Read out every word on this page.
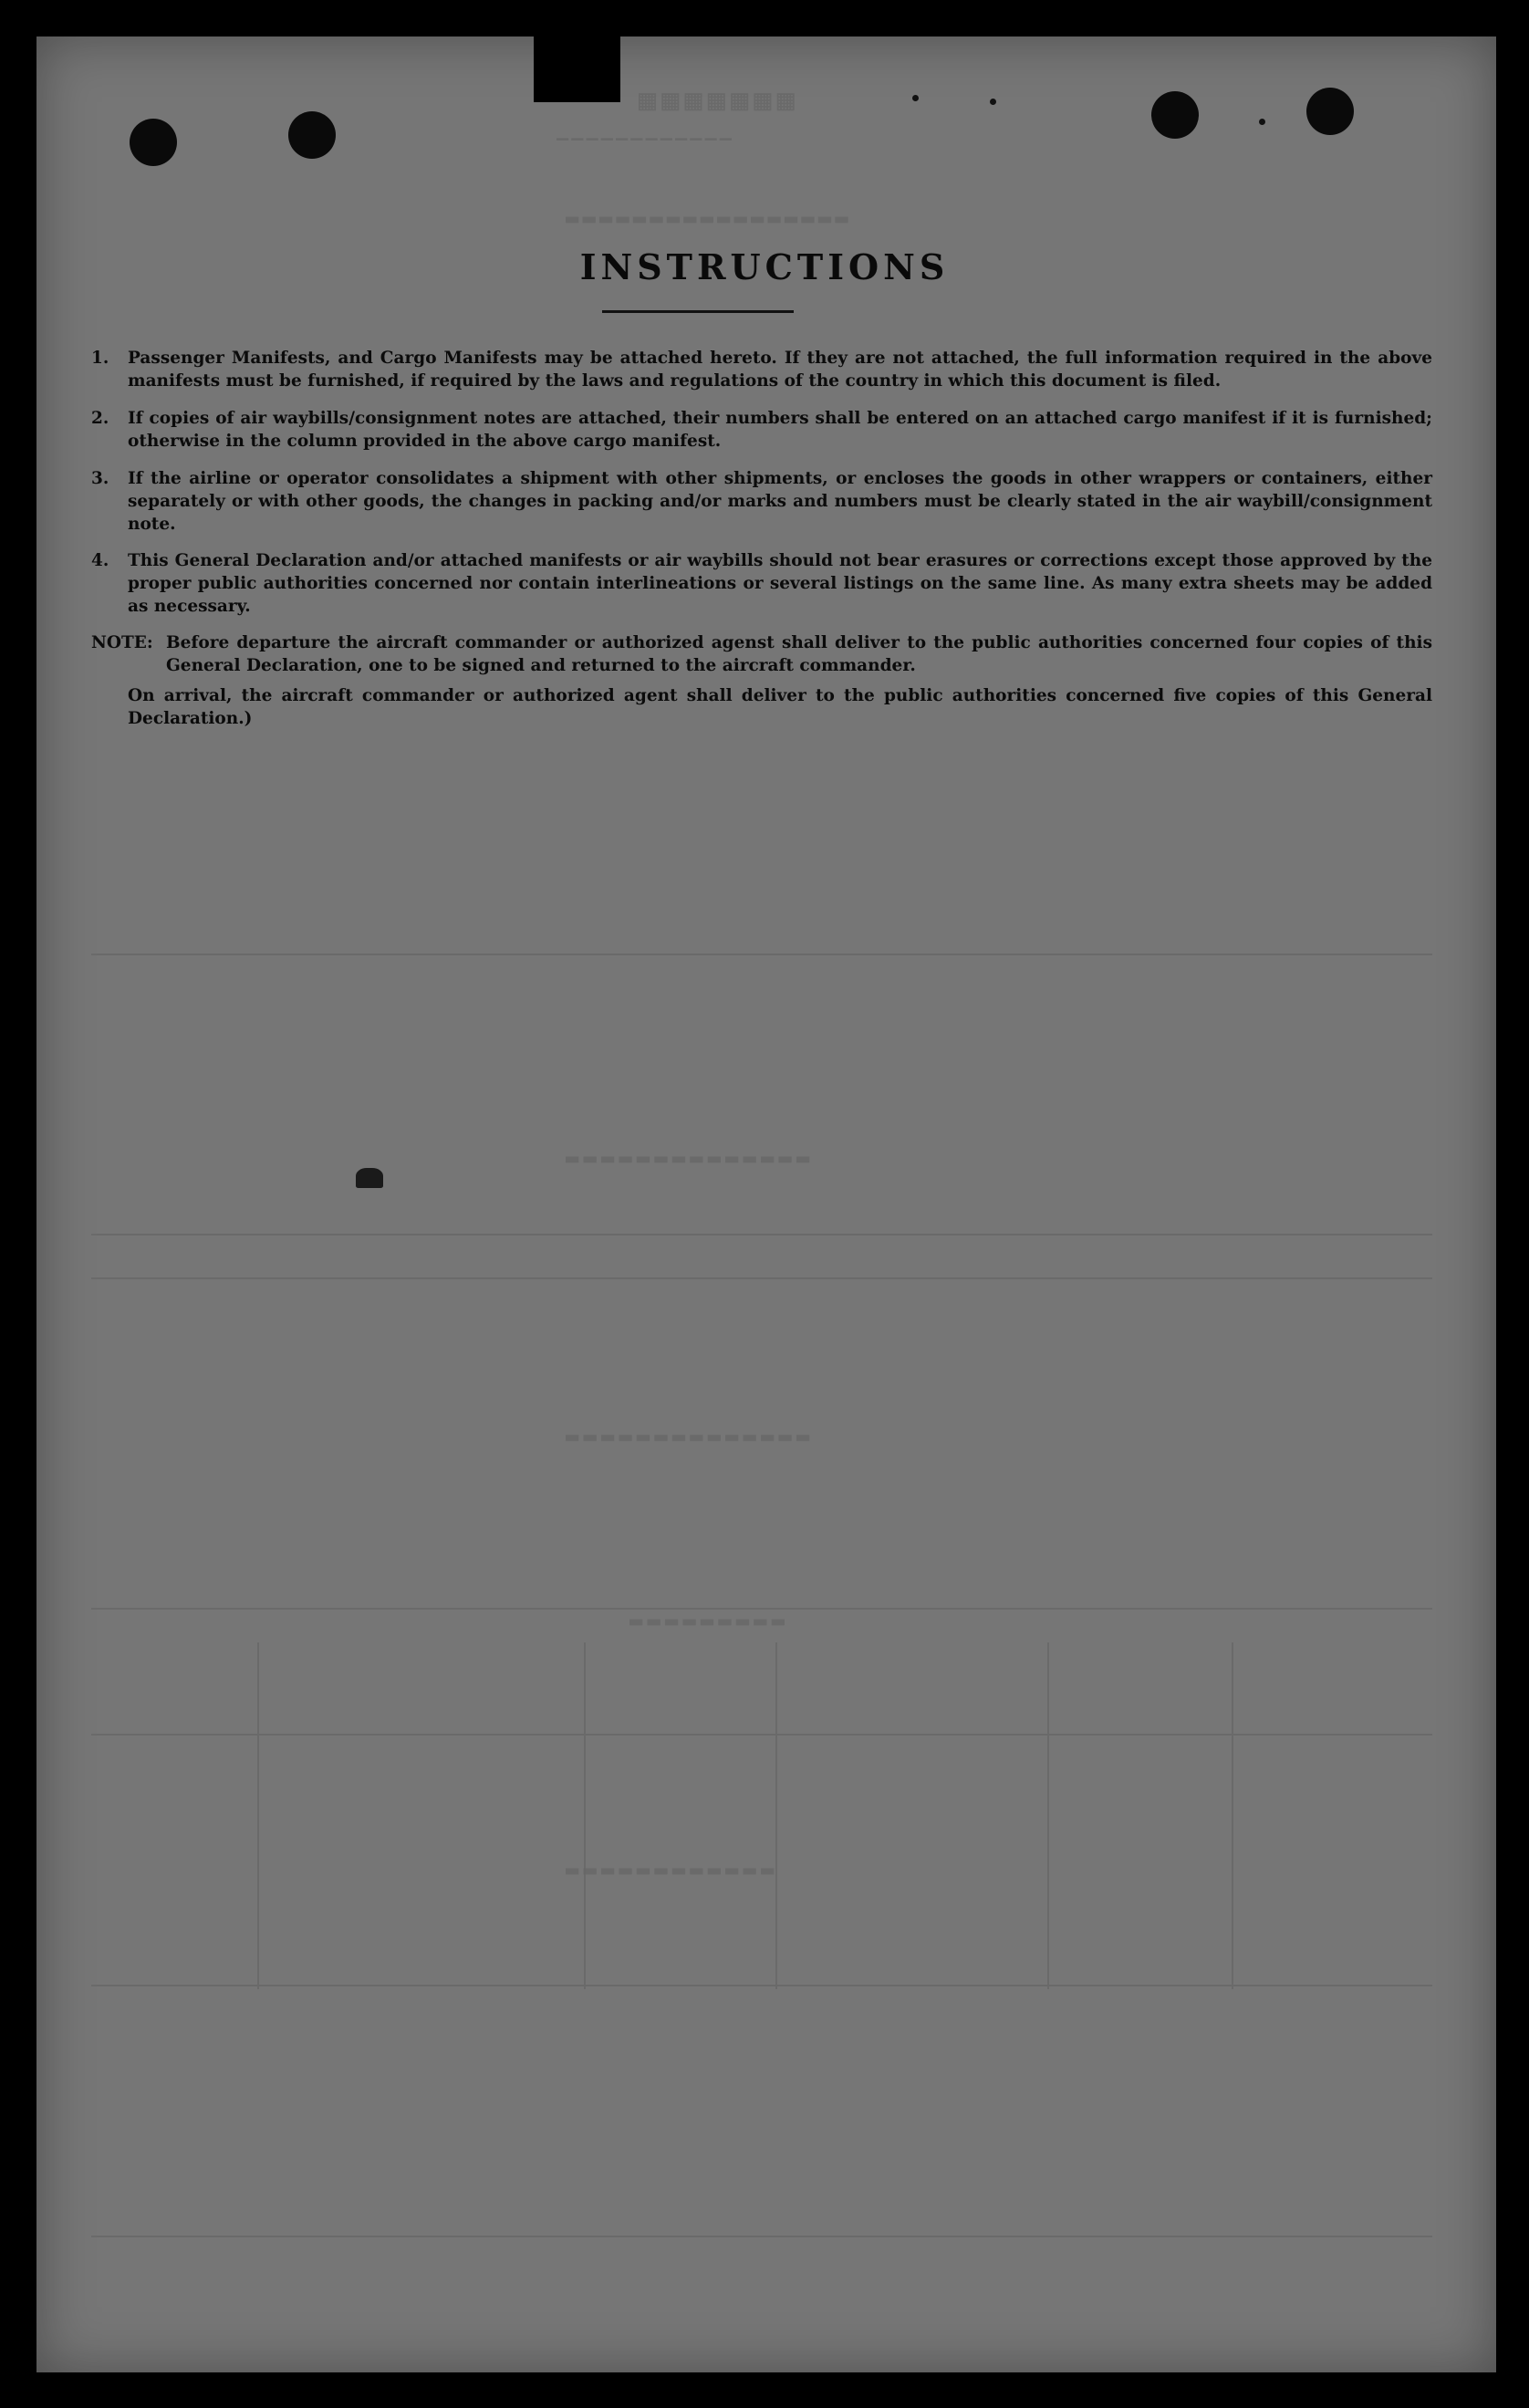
▦▦▦▦▦▦▦
‒‒‒‒‒‒‒‒‒‒‒‒
▬▬▬▬▬▬▬▬▬▬▬▬▬▬▬▬▬
▬▬▬▬▬▬▬▬▬▬▬▬▬▬
▬▬▬▬▬▬▬▬▬▬▬▬▬▬
▬▬▬▬▬▬▬▬▬
▬▬▬▬▬▬▬▬▬▬▬▬
INSTRUCTIONS
1.	Passenger Manifests, and Cargo Manifests may be attached hereto. If they are not attached, the full information required in the above manifests must be furnished, if required by the laws and regulations of the country in which this document is filed.
2.	If copies of air waybills/consignment notes are attached, their numbers shall be entered on an attached cargo manifest if it is furnished; otherwise in the column provided in the above cargo manifest.
3.	If the airline or operator consolidates a shipment with other shipments, or encloses the goods in other wrappers or containers, either separately or with other goods, the changes in packing and/or marks and numbers must be clearly stated in the air waybill/consignment note.
4.	This General Declaration and/or attached manifests or air waybills should not bear erasures or corrections except those approved by the proper public authorities concerned nor contain interlineations or several listings on the same line. As many extra sheets may be added as necessary.
NOTE: Before departure the aircraft commander or authorized agenst shall deliver to the public authorities concerned four copies of this General Declaration, one to be signed and returned to the aircraft commander.
On arrival, the aircraft commander or authorized agent shall deliver to the public authorities concerned five copies of this General Declaration.)
